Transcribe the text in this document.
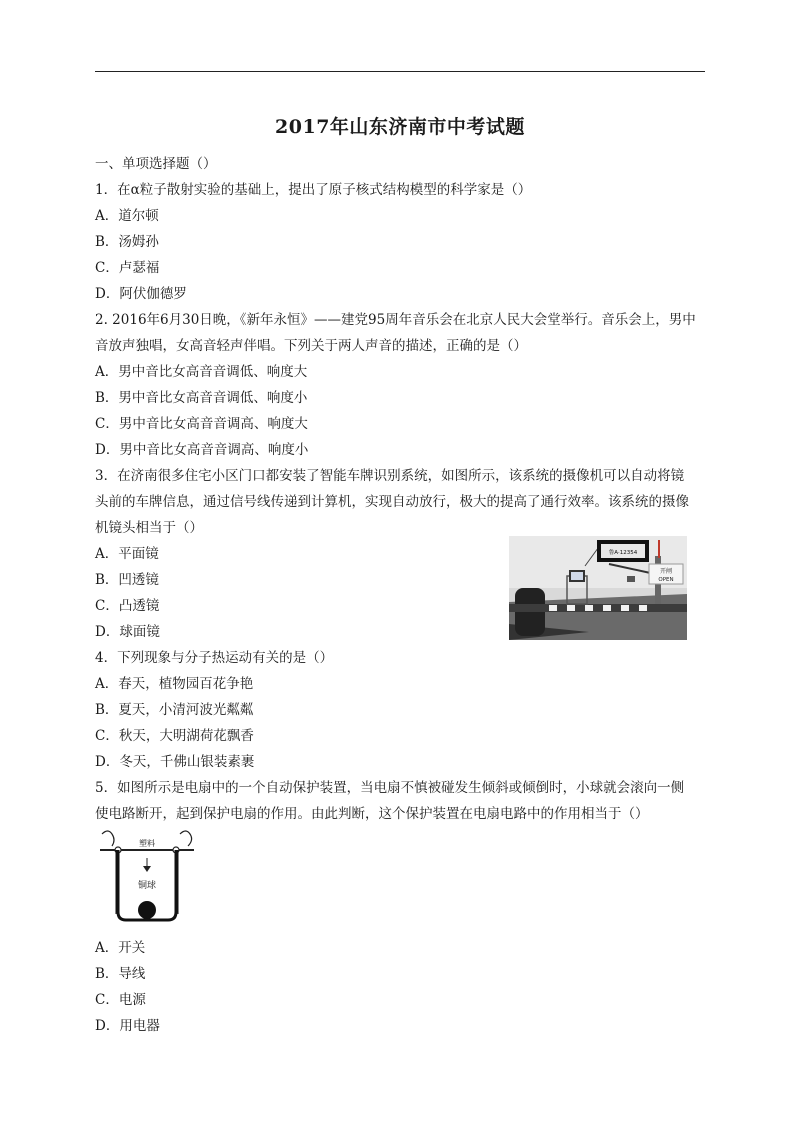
2017年山东济南市中考试题
一、单项选择题（）
1．在α粒子散射实验的基础上，提出了原子核式结构模型的科学家是（）
A．道尔顿
B．汤姆孙
C．卢瑟福
D．阿伏伽德罗
2. 2016年6月30日晚，《新年永恒》——建党95周年音乐会在北京人民大会堂举行。音乐会上，男中
音放声独唱，女高音轻声伴唱。下列关于两人声音的描述，正确的是（）
A．男中音比女高音音调低、响度大
B．男中音比女高音音调低、响度小
C．男中音比女高音音调高、响度大
D．男中音比女高音音调高、响度小
3．在济南很多住宅小区门口都安装了智能车牌识别系统，如图所示，该系统的摄像机可以自动将镜
头前的车牌信息，通过信号线传递到计算机，实现自动放行，极大的提高了通行效率。该系统的摄像
机镜头相当于（）
A．平面镜
B．凹透镜
C．凸透镜
D．球面镜
鲁A·12354
开闸
OPEN
4．下列现象与分子热运动有关的是（）
A．春天，植物园百花争艳
B．夏天，小清河波光粼粼
C．秋天，大明湖荷花飘香
D．冬天，千佛山银装素裹
5．如图所示是电扇中的一个自动保护装置，当电扇不慎被碰发生倾斜或倾倒时，小球就会滚向一侧
使电路断开，起到保护电扇的作用。由此判断，这个保护装置在电扇电路中的作用相当于（）
塑料
铜球
A．开关
B．导线
C．电源
D．用电器
